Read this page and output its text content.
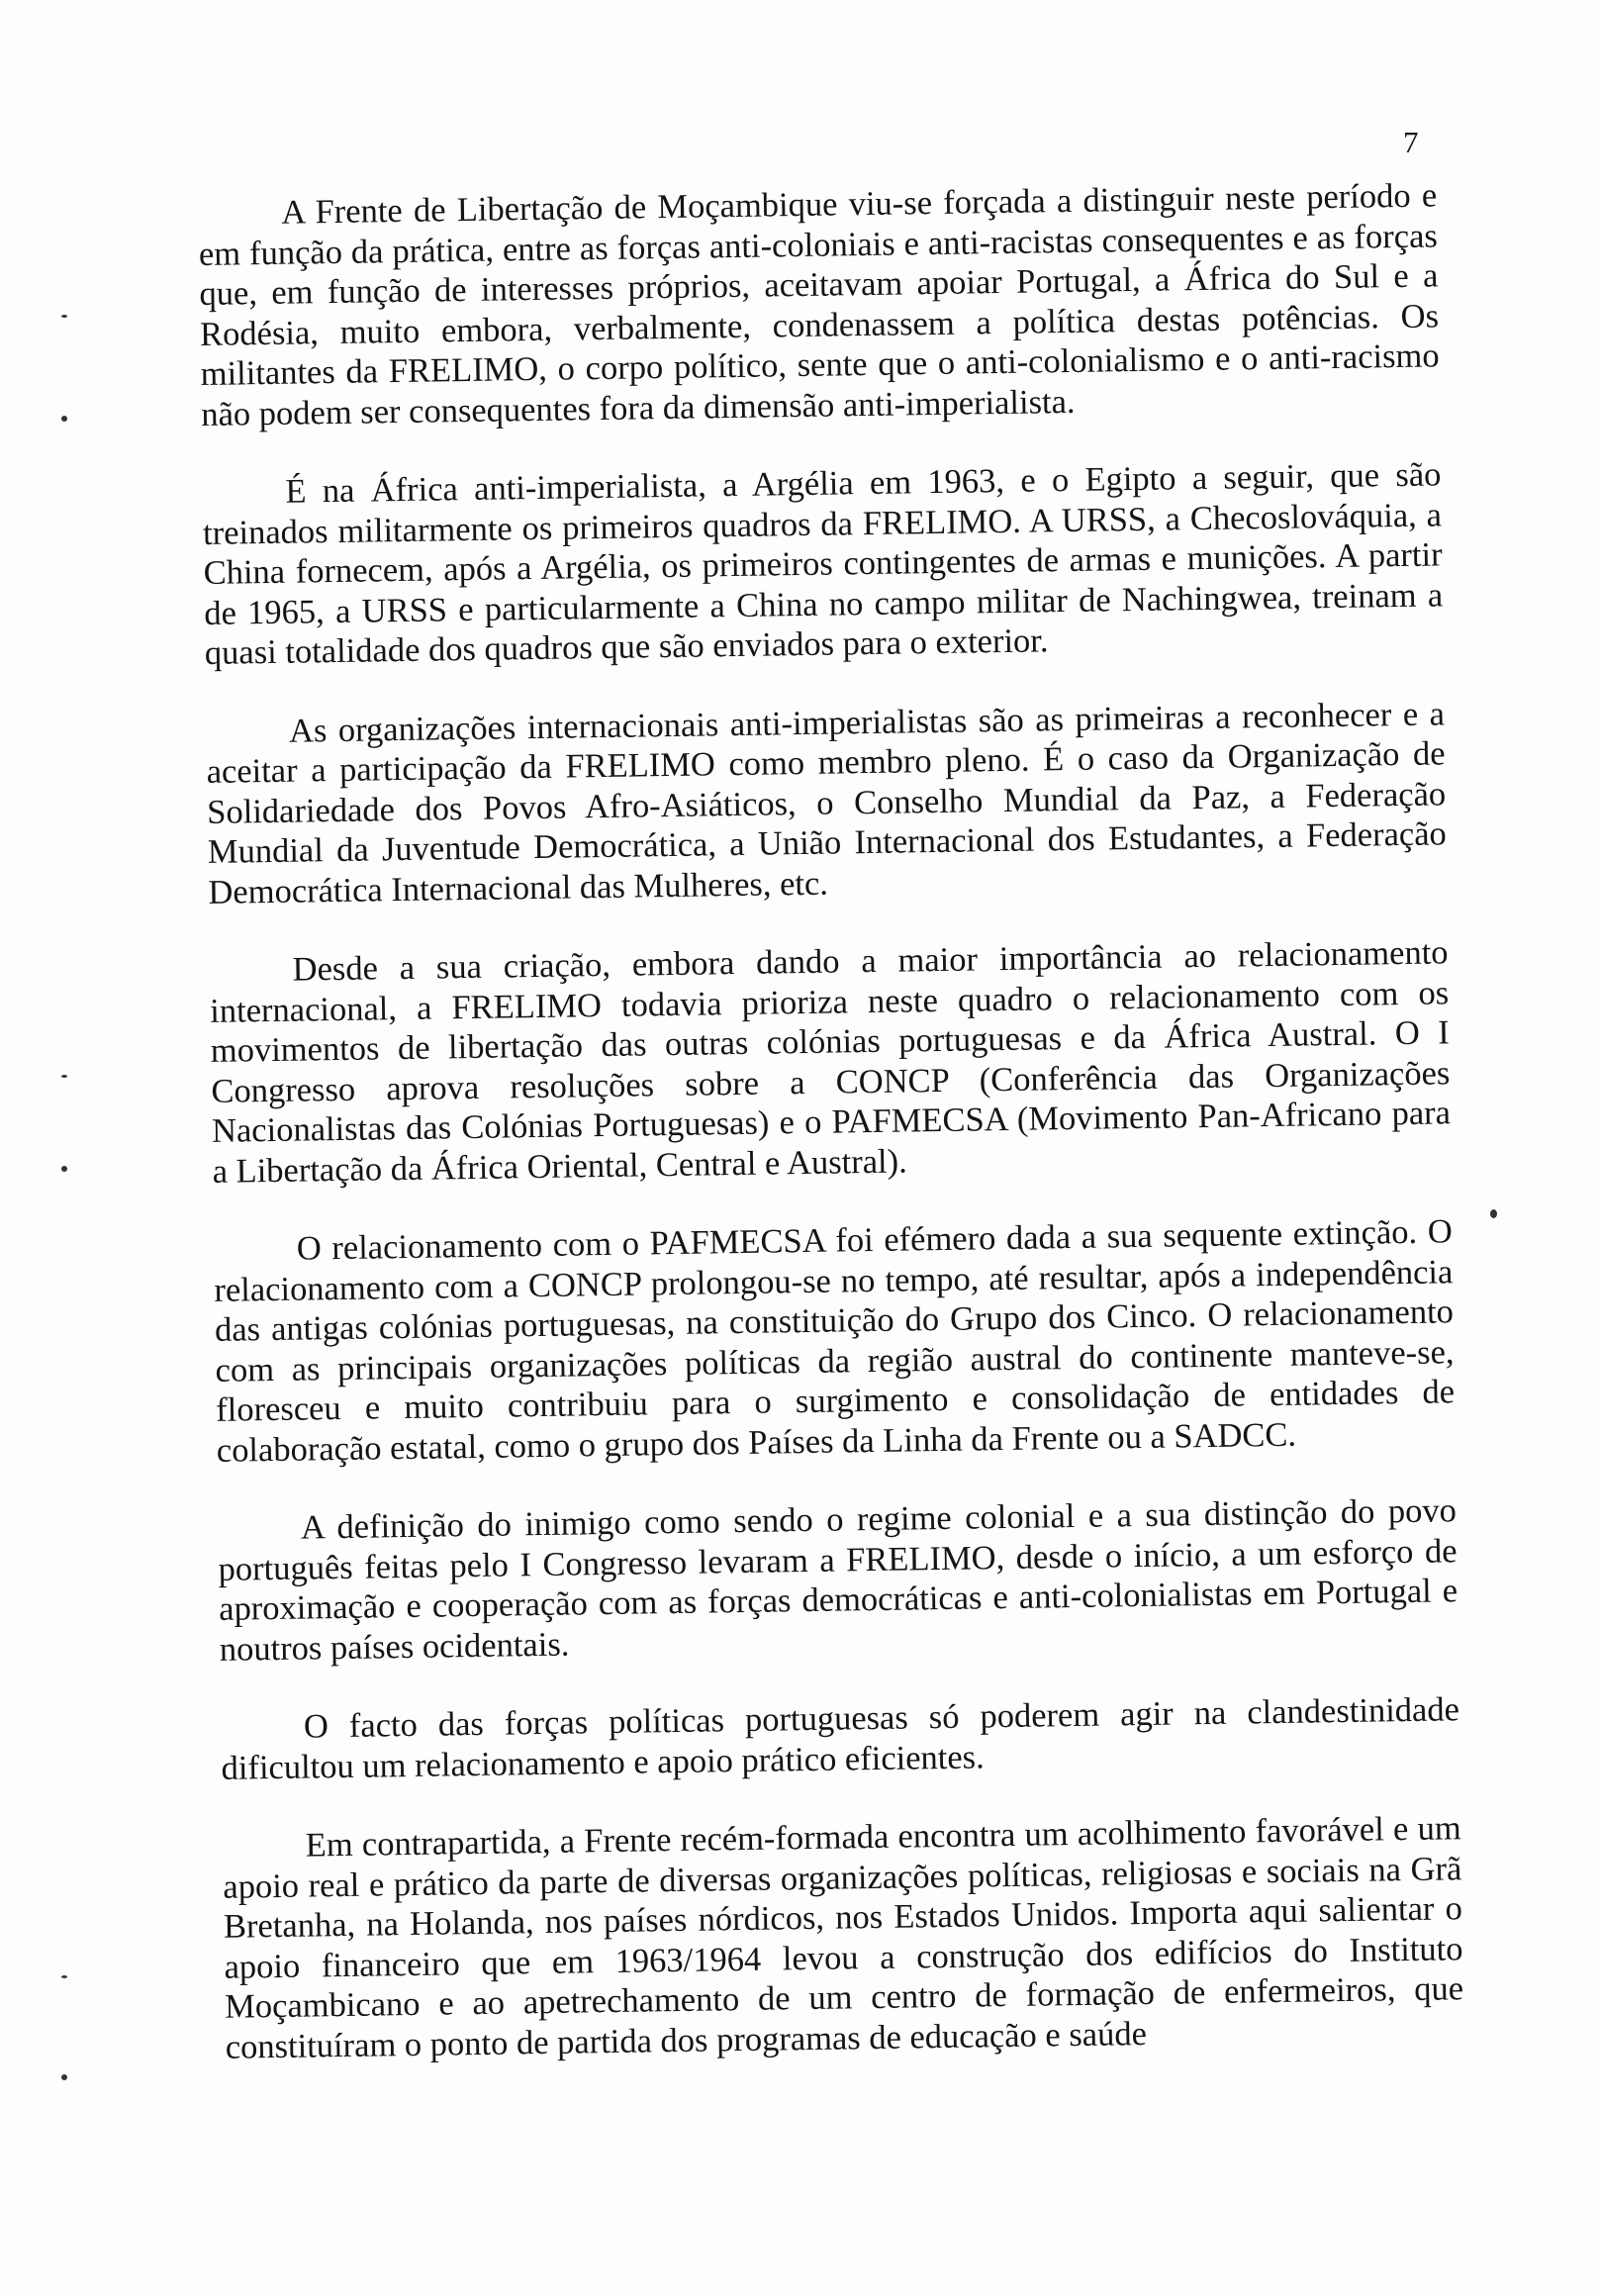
7

A Frente de Libertação de Moçambique viu-se forçada a distinguir neste período e em função da prática, entre as forças anti-coloniais e anti-racistas consequentes e as forças que, em função de interesses próprios, aceitavam apoiar Portugal, a África do Sul e a Rodésia, muito embora, verbalmente, condenassem a política destas potências. Os militantes da FRELIMO, o corpo político, sente que o anti-colonialismo e o anti-racismo não podem ser consequentes fora da dimensão anti-imperialista.

É na África anti-imperialista, a Argélia em 1963, e o Egipto a seguir, que são treinados militarmente os primeiros quadros da FRELIMO. A URSS, a Checoslováquia, a China fornecem, após a Argélia, os primeiros contingentes de armas e munições. A partir de 1965, a URSS e particularmente a China no campo militar de Nachingwea, treinam a quasi totalidade dos quadros que são enviados para o exterior.

As organizações internacionais anti-imperialistas são as primeiras a reconhecer e a aceitar a participação da FRELIMO como membro pleno. É o caso da Organização de Solidariedade dos Povos Afro-Asiáticos, o Conselho Mundial da Paz, a Federação Mundial da Juventude Democrática, a União Internacional dos Estudantes, a Federação Democrática Internacional das Mulheres, etc.

Desde a sua criação, embora dando a maior importância ao relacionamento internacional, a FRELIMO todavia prioriza neste quadro o relacionamento com os movimentos de libertação das outras colónias portuguesas e da África Austral. O I Congresso aprova resoluções sobre a CONCP (Conferência das Organizações Nacionalistas das Colónias Portuguesas) e o PAFMECSA (Movimento Pan-Africano para a Libertação da África Oriental, Central e Austral).

O relacionamento com o PAFMECSA foi efémero dada a sua sequente extinção. O relacionamento com a CONCP prolongou-se no tempo, até resultar, após a independência das antigas colónias portuguesas, na constituição do Grupo dos Cinco. O relacionamento com as principais organizações políticas da região austral do continente manteve-se, floresceu e muito contribuiu para o surgimento e consolidação de entidades de colaboração estatal, como o grupo dos Países da Linha da Frente ou a SADCC.

A definição do inimigo como sendo o regime colonial e a sua distinção do povo português feitas pelo I Congresso levaram a FRELIMO, desde o início, a um esforço de aproximação e cooperação com as forças democráticas e anti-colonialistas em Portugal e noutros países ocidentais.

O facto das forças políticas portuguesas só poderem agir na clandestinidade dificultou um relacionamento e apoio prático eficientes.

Em contrapartida, a Frente recém-formada encontra um acolhimento favorável e um apoio real e prático da parte de diversas organizações políticas, religiosas e sociais na Grã Bretanha, na Holanda, nos países nórdicos, nos Estados Unidos. Importa aqui salientar o apoio financeiro que em 1963/1964 levou a construção dos edifícios do Instituto Moçambicano e ao apetrechamento de um centro de formação de enfermeiros, que constituíram o ponto de partida dos programas de educação e saúde
